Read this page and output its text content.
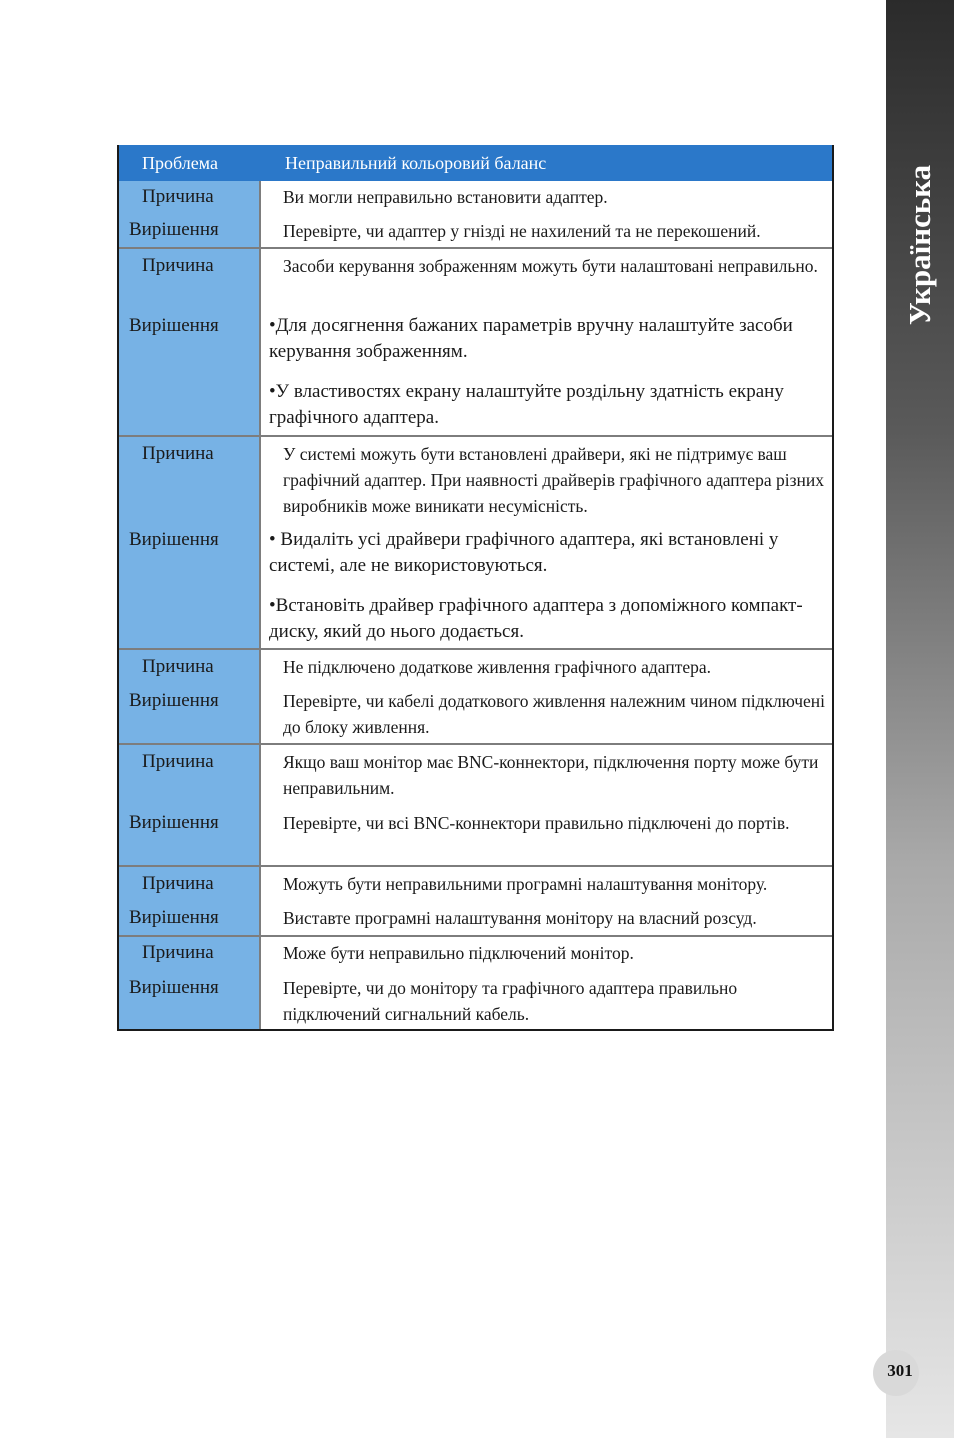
Українська
Проблема	Неправильний кольоровий баланс
Причина
Вирішення
Ви могли неправильно встановити адаптер.
Перевірте, чи адаптер у гнізді не нахилений та не перекошений.
Причина
Вирішення
Засоби керування зображенням можуть бути налаштовані неправильно.
•Для досягнення бажаних параметрів вручну налаштуйте засоби керування зображенням.
•У властивостях екрану налаштуйте роздільну здатність екрану графічного адаптера.
Причина
Вирішення
У системі можуть бути встановлені драйвери, які не підтримує ваш графічний адаптер. При наявності драйверів графічного адаптера різних виробників може виникати несумісність.
• Видаліть усі драйвери графічного адаптера, які встановлені у системі, але не використовуються.
•Встановіть драйвер графічного адаптера з допоміжного компакт-диску, який до нього додається.
Причина
Вирішення
Не підключено додаткове живлення графічного адаптера.
Перевірте, чи кабелі додаткового живлення належним чином підключені до блоку живлення.
Причина
Вирішення
Якщо ваш монітор має BNC-коннектори, підключення порту може бути неправильним.
Перевірте, чи всі BNC-коннектори правильно підключені до портів.
Причина
Вирішення
Можуть бути неправильними програмні налаштування монітору.
Виставте програмні налаштування монітору на власний розсуд.
Причина
Вирішення
Може бути неправильно підключений монітор.
Перевірте, чи до монітору та графічного адаптера правильно підключений сигнальний кабель.
301
